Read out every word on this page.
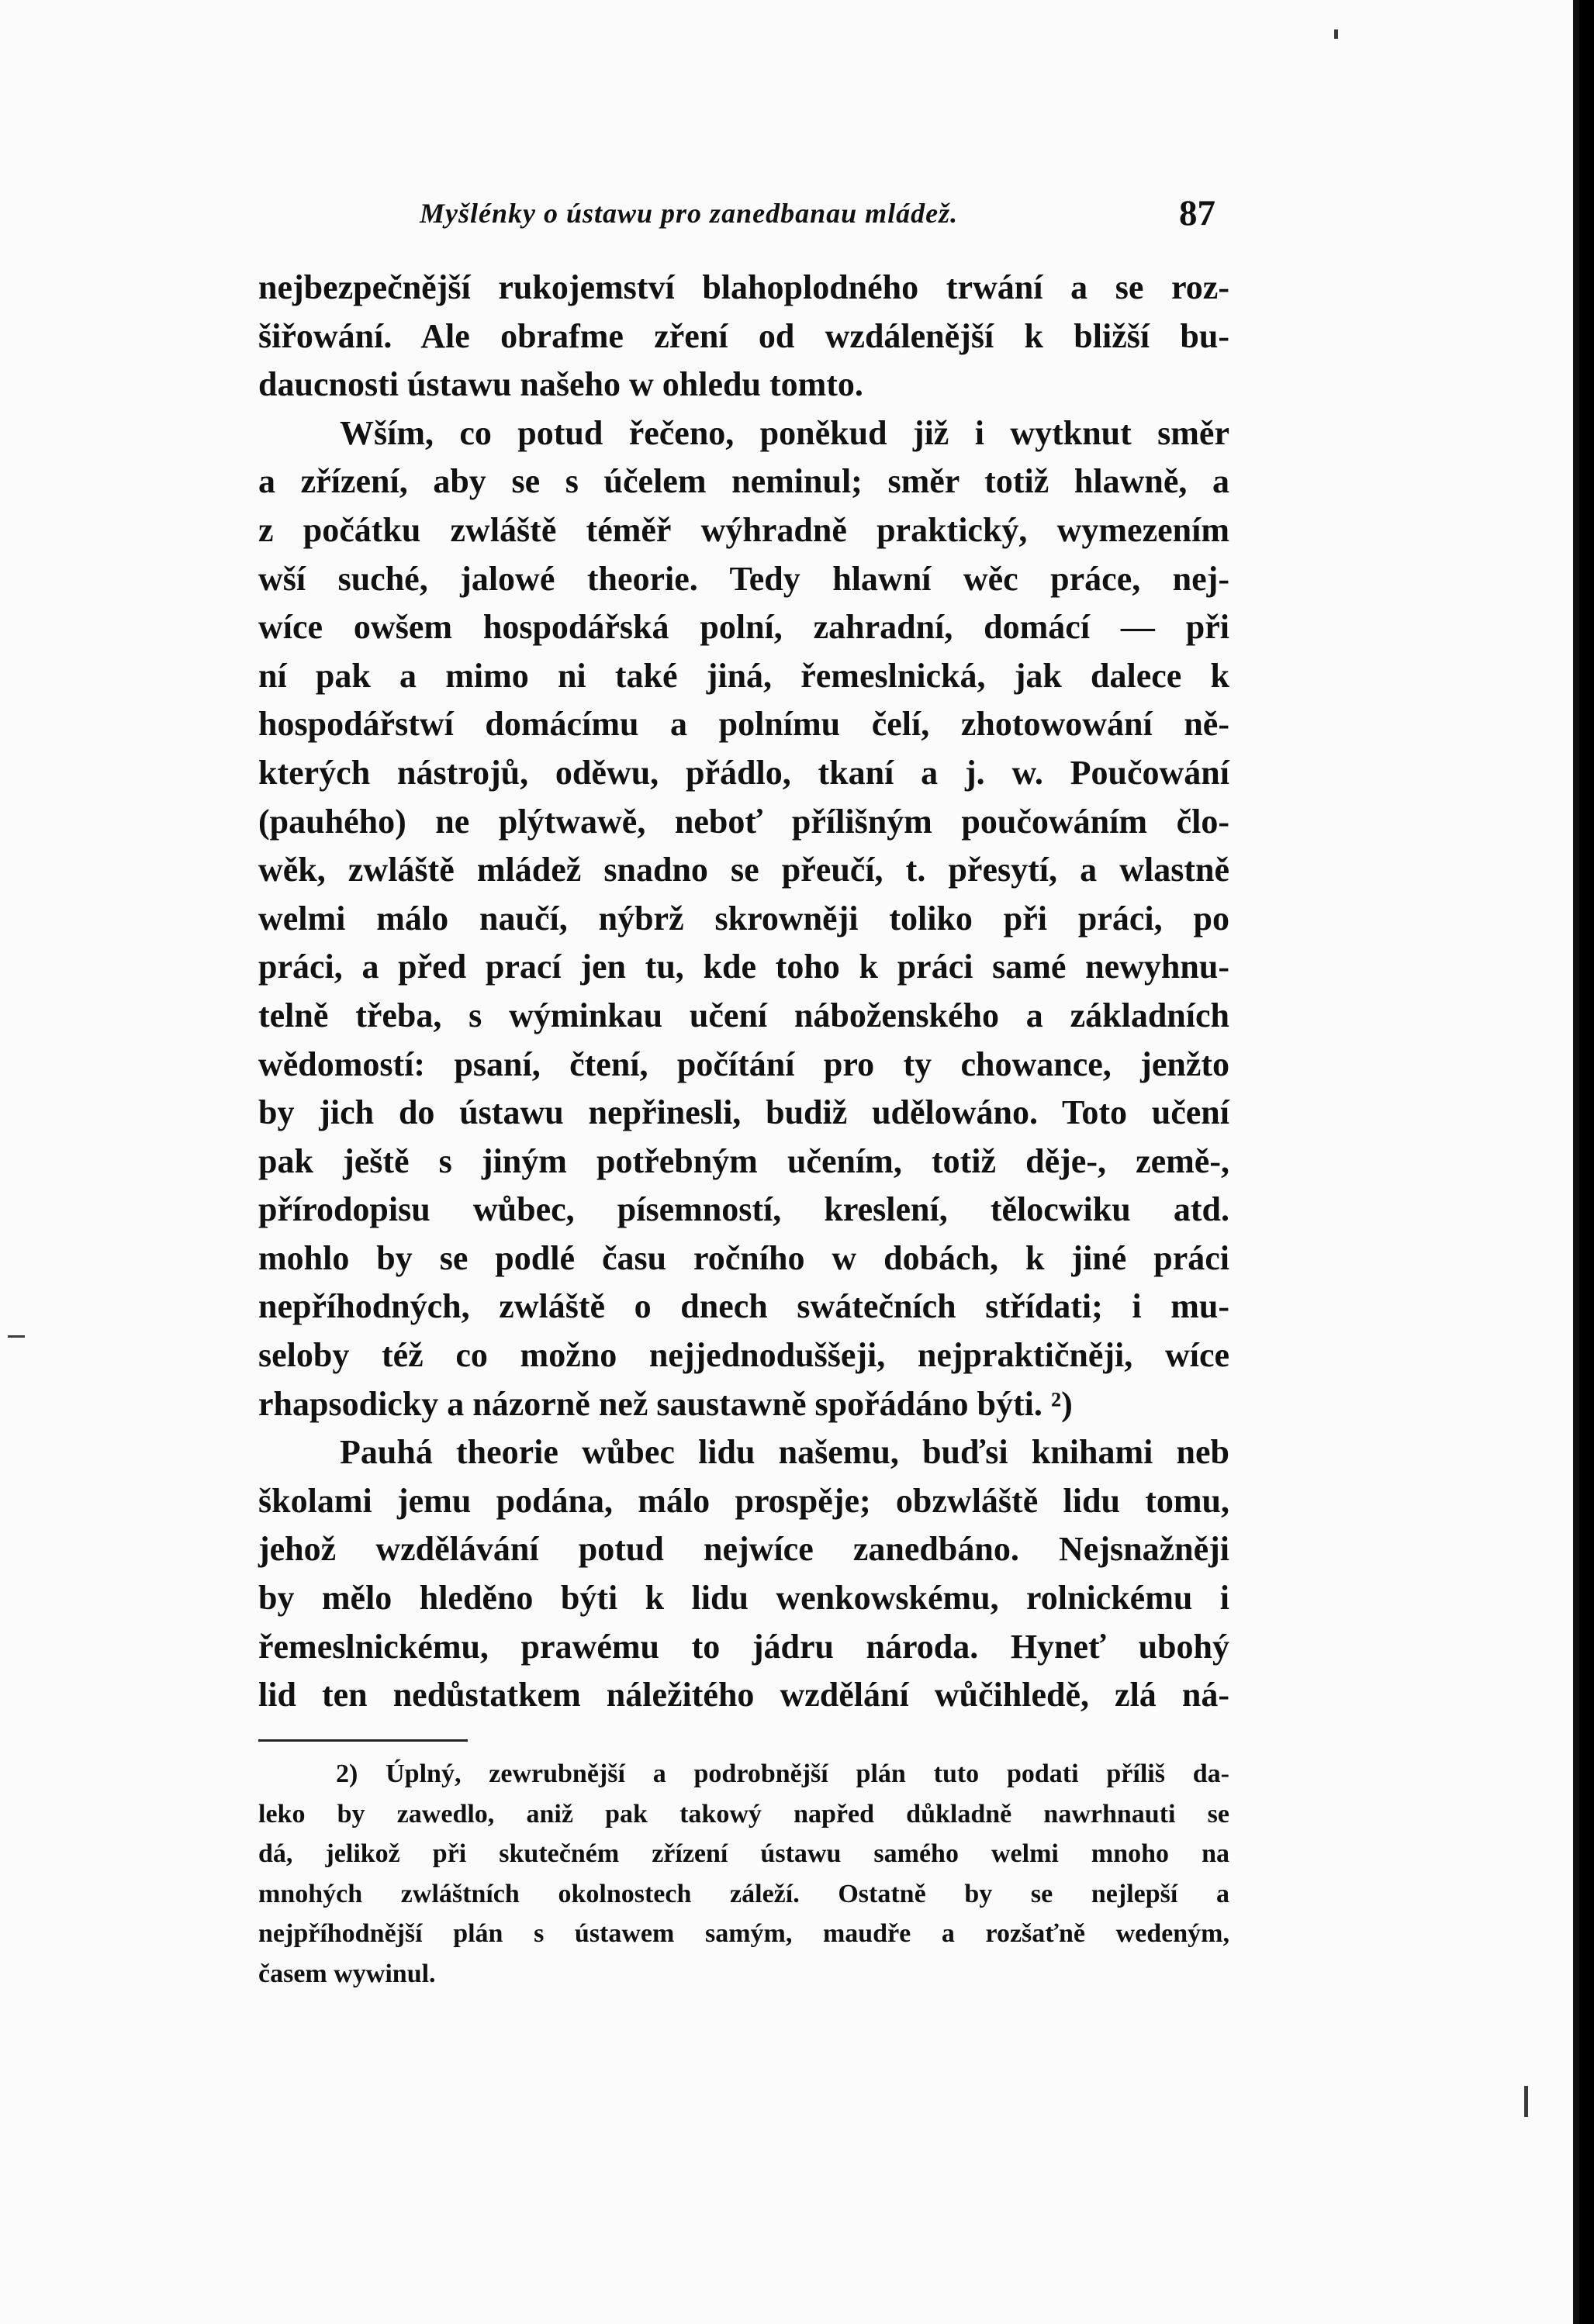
Myšlénky o ústawu pro zanedbanau mládež.	87
nejbezpečnější rukojemství blahoplodného trwání a se roz-
šiřowání. Ale obrafme zření od wzdálenější k bližší bu-
daucnosti ústawu našeho w ohledu tomto.
Wším, co potud řečeno, poněkud již i wytknut směr
a zřízení, aby se s účelem neminul; směr totiž hlawně, a
z počátku zwláště téměř wýhradně praktický, wymezením
wší suché, jalowé theorie. Tedy hlawní wěc práce, nej-
wíce owšem hospodářská polní, zahradní, domácí — při
ní pak a mimo ni také jiná, řemeslnická, jak dalece k
hospodářstwí domácímu a polnímu čelí, zhotowowání ně-
kterých nástrojů, oděwu, přádlo, tkaní a j. w. Poučowání
(pauhého) ne plýtwawě, neboť přílišným poučowáním člo-
wěk, zwláště mládež snadno se přeučí, t. přesytí, a wlastně
welmi málo naučí, nýbrž skrowněji toliko při práci, po
práci, a před prací jen tu, kde toho k práci samé newyhnu-
telně třeba, s wýminkau učení náboženského a základních
wědomostí: psaní, čtení, počítání pro ty chowance, jenžto
by jich do ústawu nepřinesli, budiž udělowáno. Toto učení
pak ještě s jiným potřebným učením, totiž děje-, země-,
přírodopisu wůbec, písemností, kreslení, tělocwiku atd.
mohlo by se podlé času ročního w dobách, k jiné práci
nepříhodných, zwláště o dnech swátečních střídati; i mu-
seloby též co možno nejjednoduššeji, nejpraktičněji, wíce
rhapsodicky a názorně než saustawně spořádáno býti. ²)
Pauhá theorie wůbec lidu našemu, buďsi knihami neb
školami jemu podána, málo prospěje; obzwláště lidu tomu,
jehož wzdělávání potud nejwíce zanedbáno. Nejsnažněji
by mělo hleděno býti k lidu wenkowskému, rolnickému i
řemeslnickému, prawému to jádru národa. Hyneť ubohý
lid ten nedůstatkem náležitého wzdělání wůčihledě, zlá ná-
2) Úplný, zewrubnější a podrobnější plán tuto podati příliš da-
leko by zawedlo, aniž pak takowý napřed důkladně nawrhnauti se
dá, jelikož při skutečném zřízení ústawu samého welmi mnoho na
mnohých zwláštních okolnostech záleží. Ostatně by se nejlepší a
nejpříhodnější plán s ústawem samým, maudře a rozšaťně wedeným,
časem wywinul.
